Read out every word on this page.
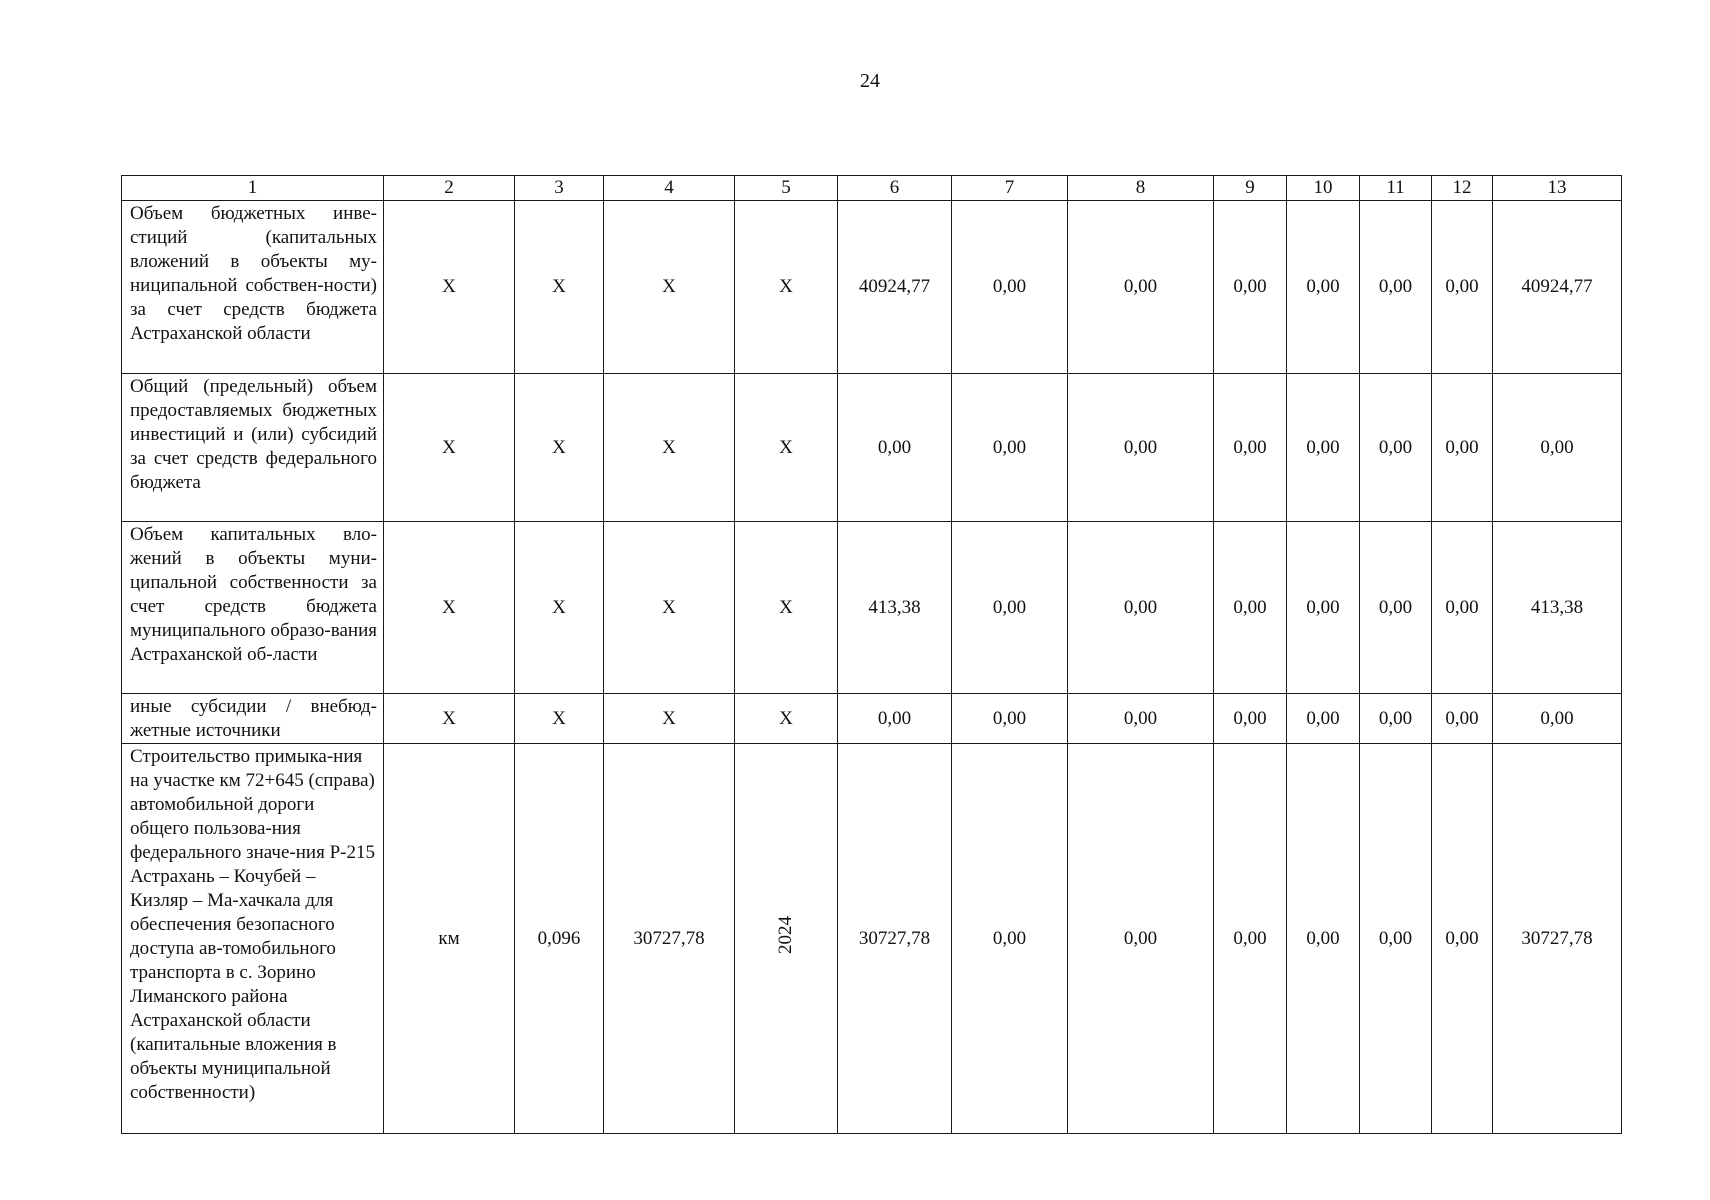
24
1	2	3	4	5	6	7	8	9	10	11	12	13
Объем бюджетных инве-стиций (капитальных вложений в объекты му-ниципальной собствен-ности) за счет средств бюджета Астраханской области	Х	Х	Х	Х	40924,77	0,00	0,00	0,00	0,00	0,00	0,00	40924,77
Общий (предельный) объем предоставляемых бюджетных инвестиций и (или) субсидий за счет средств федерального бюджета	Х	Х	Х	Х	0,00	0,00	0,00	0,00	0,00	0,00	0,00	0,00
Объем капитальных вло-жений в объекты муни-ципальной собственности за счет средств бюджета муниципального образо-вания Астраханской об-ласти	Х	Х	Х	Х	413,38	0,00	0,00	0,00	0,00	0,00	0,00	413,38
иные субсидии / внебюд-жетные источники	Х	Х	Х	Х	0,00	0,00	0,00	0,00	0,00	0,00	0,00	0,00
Строительство примыка-ния на участке км 72+645 (справа) автомобильной дороги общего пользова-ния федерального значе-ния Р-215 Астрахань – Кочубей – Кизляр – Ма-хачкала для обеспечения безопасного доступа ав-томобильного транспорта в с. Зорино Лиманского района Астраханской области (капитальные вложения в объекты муниципальной собственности)	км	0,096	30727,78	2024	30727,78	0,00	0,00	0,00	0,00	0,00	0,00	30727,78
